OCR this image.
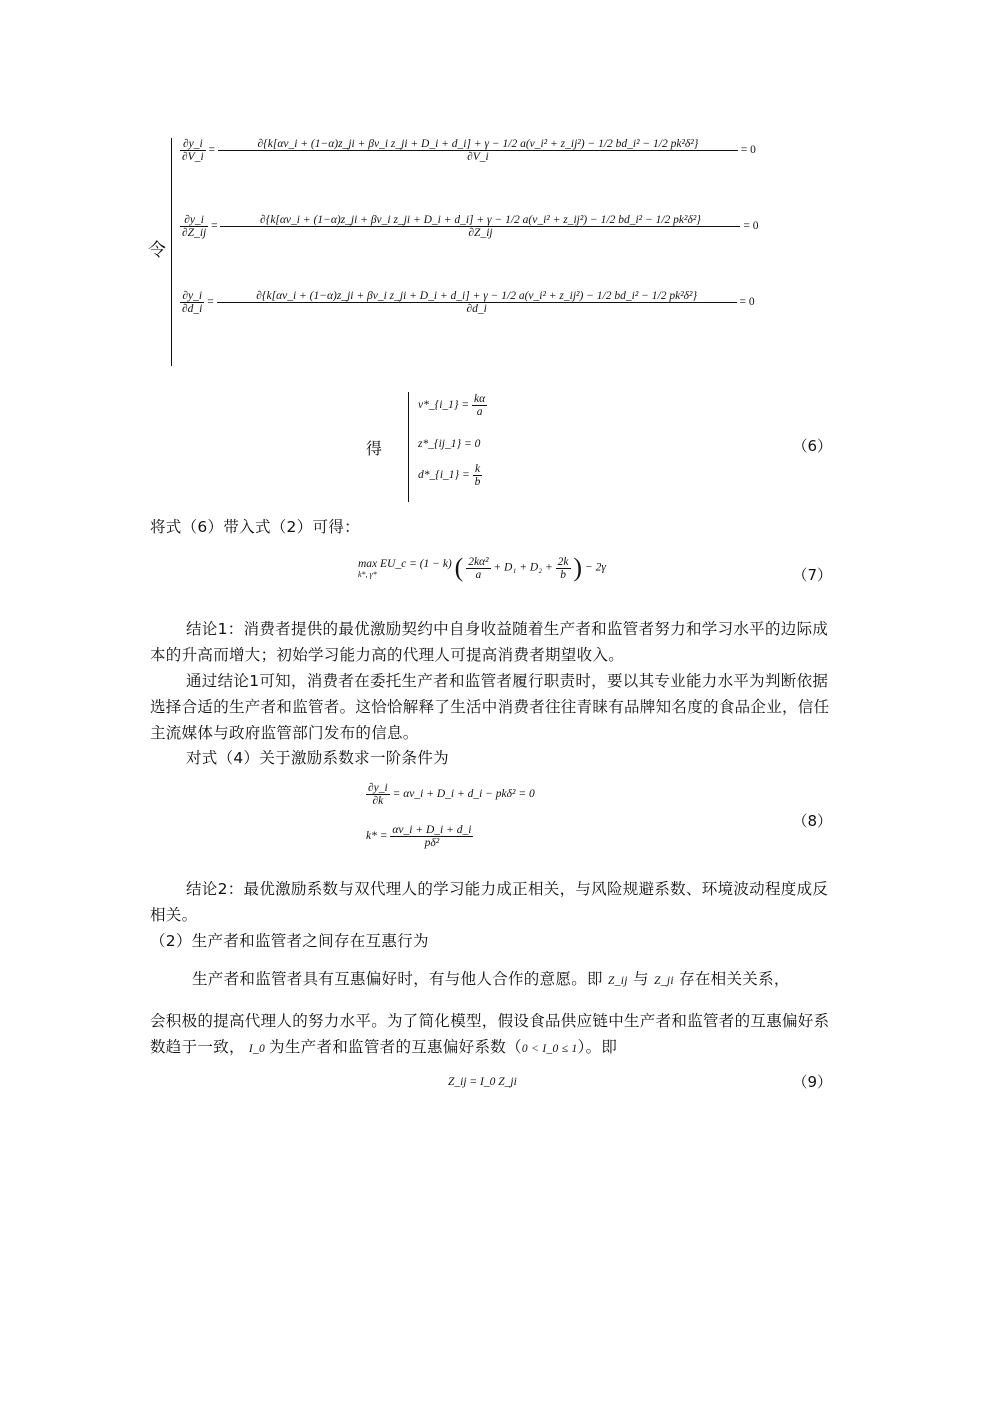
令
$\frac{\partial y\_i}{\partial V\_i}$ =
∂{k[αv_i + (1−α)z_ji + βv_i z_ji + D_i + d_i] + γ − 1/2 a(v_i² + z_ij²) − 1/2 bd_i² − 1/2 pk²δ²}
∂V_i
= 0
$\frac{\partial y\_i}{\partial Z\_ij}$ =
∂{k[αv_i + (1−α)z_ji + βv_i z_ji + D_i + d_i] + γ − 1/2 a(v_i² + z_ij²) − 1/2 bd_i² − 1/2 pk²δ²}
∂Z_ij
= 0
$\frac{\partial y\_i}{\partial d\_i}$ =
∂{k[αv_i + (1−α)z_ji + βv_i z_ji + D_i + d_i] + γ − 1/2 a(v_i² + z_ij²) − 1/2 bd_i² − 1/2 pk²δ²}
∂d_i
= 0
得
v*_{i_1} = $\frac{k\alpha}{a}$
z*_{ij_1} = 0
d*_{i_1} = $\frac{k}{b}$
（6）
将式（6）带入式（2）可得：
max EU_c = (1 − k)
k*, γ*	( $\frac{\text{2kα²}}{a} + D_1 + D_2 + \frac{2k}{b}$ ) − 2γ	（7）

结论1：消费者提供的最优激励契约中自身收益随着生产者和监管者努力和学习水平的边际成本的升高而增大；初始学习能力高的代理人可提高消费者期望收入。

通过结论1可知，消费者在委托生产者和监管者履行职责时，要以其专业能力水平为判断依据选择合适的生产者和监管者。这恰恰解释了生活中消费者往往青睐有品牌知名度的食品企业，信任主流媒体与政府监管部门发布的信息。

对式（4）关于激励系数求一阶条件为
$\frac{\partial y\_i}{\partial k}$ = αv_i + D_i + d_i − pkδ² = 0
$k* = \frac{\alpha v\_i + D\_i + d\_i}{\text{pδ²}}$
（8）

结论2：最优激励系数与双代理人的学习能力成正相关，与风险规避系数、环境波动程度成反相关。

（2）生产者和监管者之间存在互惠行为
生产者和监管者具有互惠偏好时，有与他人合作的意愿。即 Z_ij 与 Z_ji 存在相关关系，
会积极的提高代理人的努力水平。为了简化模型，假设食品供应链中生产者和监管者的互惠偏好系数趋于一致， I_0 为生产者和监管者的互惠偏好系数（0 < I_0 ≤ 1）。即
Z_ij = I_0 Z_ji	（9）
